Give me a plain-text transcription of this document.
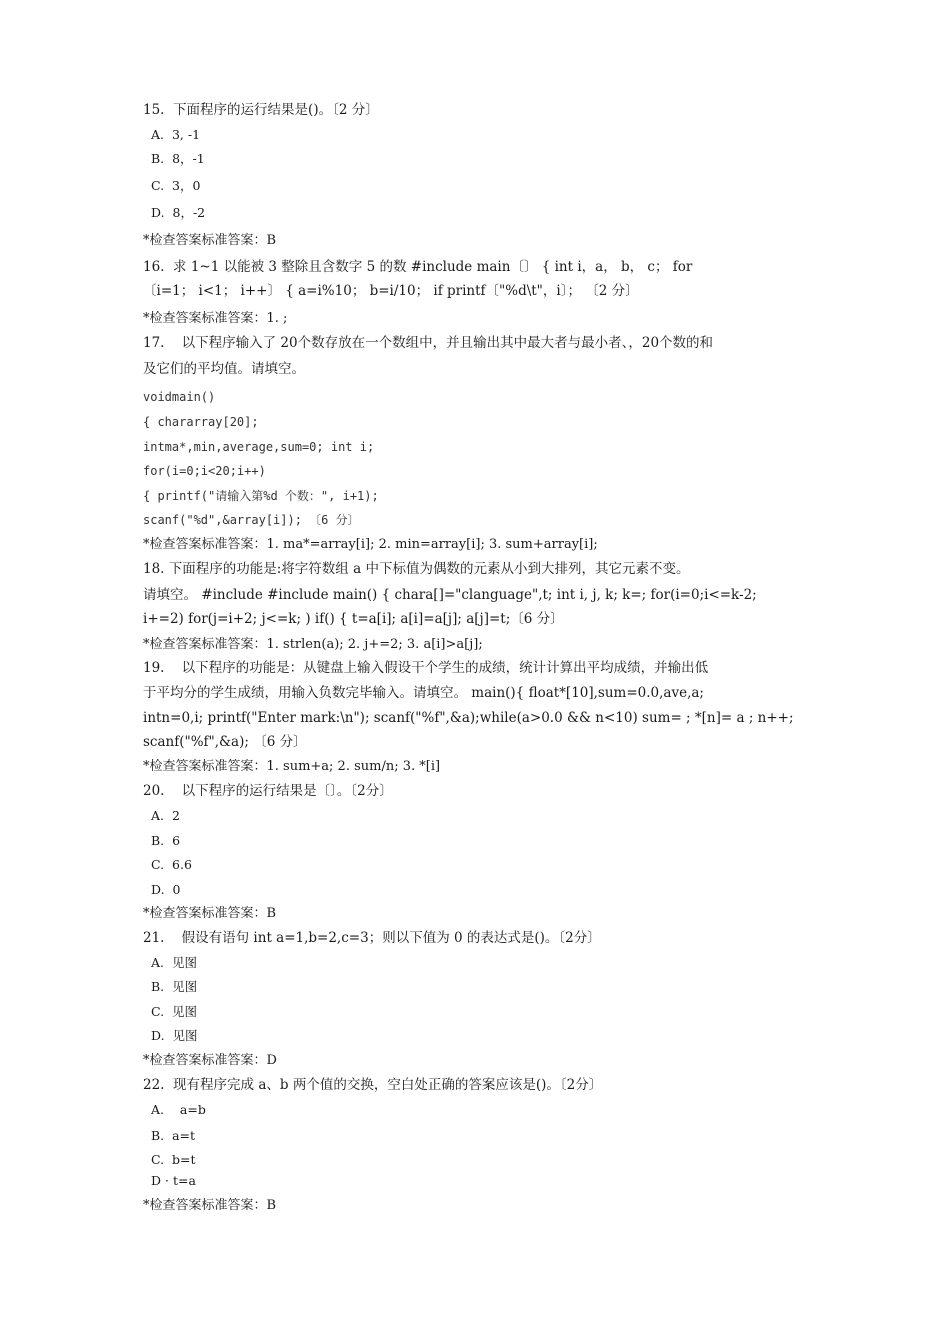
15.  下面程序的运行结果是()。〔2 分〕
A.  3, -1
B.  8，-1
C.  3，0
D.  8，-2
*检查答案标准答案：B
16.  求 1~1 以能被 3 整除且含数字 5 的数 #include main〔〕 { int i，a， b， c； for
〔i=1； i<1； i++〕 { a=i%10； b=i/10； if printf〔"%d\t"，i〕； 〔2 分〕
*检查答案标准答案：1. ;
17.    以下程序输入了 20个数存放在一个数组中，并且输出其中最大者与最小者、，20个数的和
及它们的平均值。请填空。
voidmain()
{ chararray[20];
intma*,min,average,sum=0; int i;
for(i=0;i<20;i++)
{ printf("请输入第%d 个数：", i+1);
scanf("%d",&array[i]); 〔6 分〕
*检查答案标准答案：1. ma*=array[i]; 2. min=array[i]; 3. sum+array[i];
18. 下面程序的功能是:将字符数组 a 中下标值为偶数的元素从小到大排列，其它元素不变。
请填空。 #include #include main() { chara[]="clanguage",t; int i, j, k; k=; for(i=0;i<=k-2;
i+=2) for(j=i+2; j<=k; ) if() { t=a[i]; a[i]=a[j]; a[j]=t;〔6 分〕
*检查答案标准答案：1. strlen(a); 2. j+=2; 3. a[i]>a[j];
19.    以下程序的功能是：从键盘上输入假设干个学生的成绩，统计计算出平均成绩，并输出低
于平均分的学生成绩，用输入负数完毕输入。请填空。 main(){ float*[10],sum=0.0,ave,a;
intn=0,i; printf("Enter mark:\n"); scanf("%f",&a);while(a>0.0 && n<10) sum= ; *[n]= a ; n++;
scanf("%f",&a); 〔6 分〕
*检查答案标准答案：1. sum+a; 2. sum/n; 3. *[i]
20.    以下程序的运行结果是〔〕。〔2分〕
A.  2
B.  6
C.  6.6
D.  0
*检查答案标准答案：B
21.    假设有语句 int a=1,b=2,c=3；则以下值为 0 的表达式是()。〔2分〕
A.  见图
B.  见图
C.  见图
D.  见图
*检查答案标准答案：D
22.  现有程序完成 a、b 两个值的交换，空白处正确的答案应该是()。〔2分〕
A.    a=b
B.  a=t
C.  b=t
D · t=a
*检查答案标准答案：B
